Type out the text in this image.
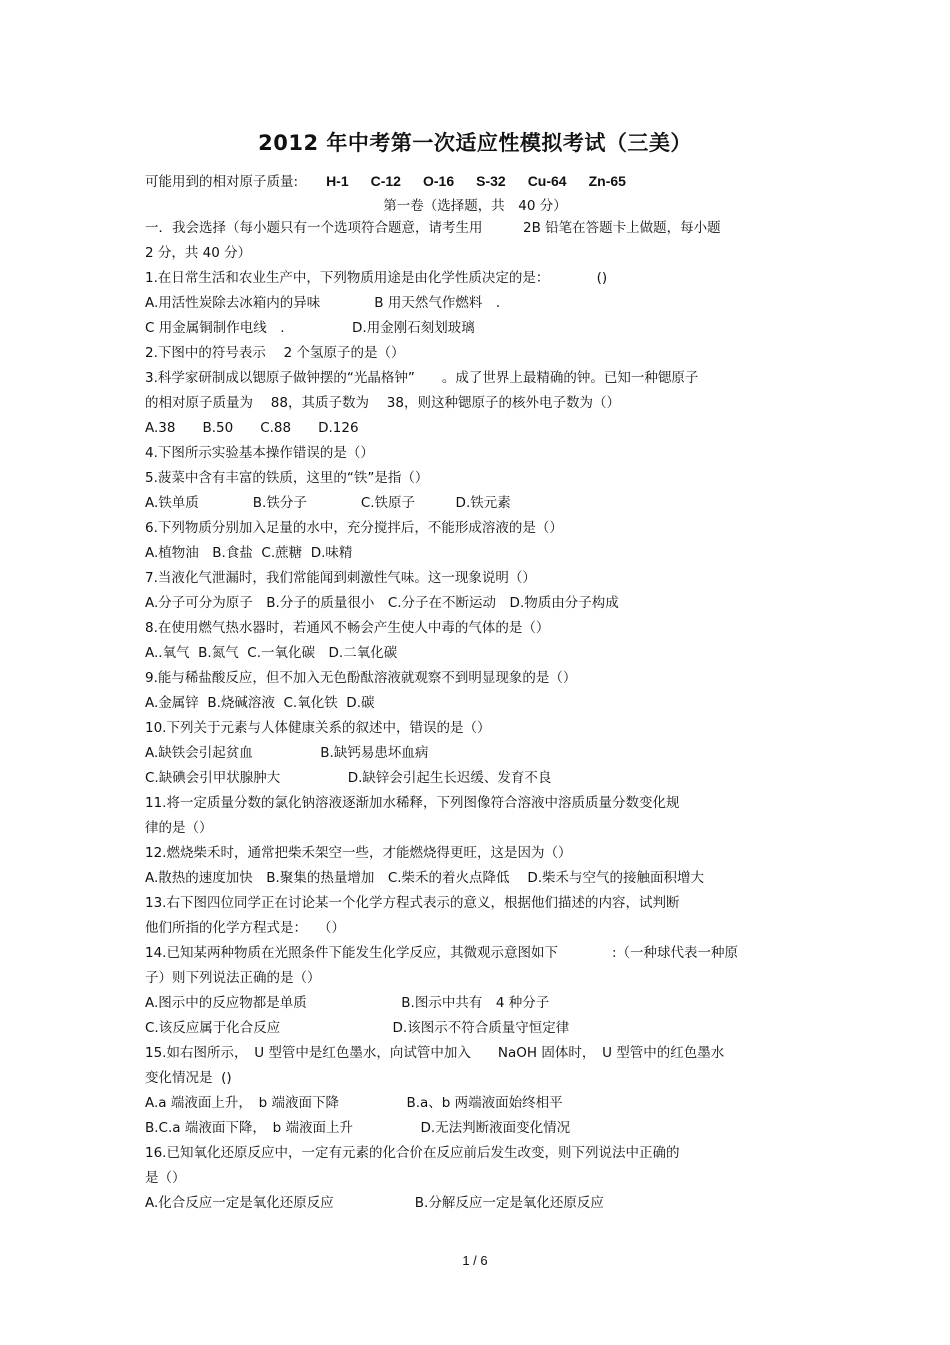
2012 年中考第一次适应性模拟考试（三美）
可能用到的相对原子质量: H-1 C-12 O-16 S-32 Cu-64 Zn-65
第一卷（选择题，共　40 分）
一．我会选择（每小题只有一个选项符合题意，请考生用　　　2B 铅笔在答题卡上做题，每小题
2 分，共 40 分）
1.在日常生活和农业生产中，下列物质用途是由化学性质决定的是：　　　　()
A.用活性炭除去冰箱内的异味　　　　B 用天然气作燃料　.
C 用金属铜制作电线　.　　　　　D.用金刚石刻划玻璃
2.下图中的符号表示　 2 个氢原子的是（）
3.科学家研制成以锶原子做钟摆的“光晶格钟”　　。成了世界上最精确的钟。已知一种锶原子
的相对原子质量为　 88，其质子数为　 38，则这种锶原子的核外电子数为（）
A.38　　B.50　　C.88　　D.126
4.下图所示实验基本操作错误的是（）
5.菠菜中含有丰富的铁质，这里的“铁”是指（）
A.铁单质　　　　B.铁分子　　　　C.铁原子　　　D.铁元素
6.下列物质分别加入足量的水中，充分搅拌后，不能形成溶液的是（）
A.植物油　B.食盐  C.蔗糖  D.味精
7.当液化气泄漏时，我们常能闻到刺激性气味。这一现象说明（）
A.分子可分为原子　B.分子的质量很小　C.分子在不断运动　D.物质由分子构成
8.在使用燃气热水器时，若通风不畅会产生使人中毒的气体的是（）
A..氧气  B.氮气  C.一氧化碳　D.二氧化碳
9.能与稀盐酸反应，但不加入无色酚酞溶液就观察不到明显现象的是（）
A.金属锌  B.烧碱溶液  C.氧化铁  D.碳
10.下列关于元素与人体健康关系的叙述中，错误的是（）
A.缺铁会引起贫血　　　　　B.缺钙易患坏血病
C.缺碘会引甲状腺肿大　　　　　D.缺锌会引起生长迟缓、发育不良
11.将一定质量分数的氯化钠溶液逐渐加水稀释，下列图像符合溶液中溶质质量分数变化规
律的是（）
12.燃烧柴禾时，通常把柴禾架空一些，才能燃烧得更旺，这是因为（）
A.散热的速度加快　B.聚集的热量增加　C.柴禾的着火点降低　 D.柴禾与空气的接触面积增大
13.右下图四位同学正在讨论某一个化学方程式表示的意义，根据他们描述的内容，试判断
他们所指的化学方程式是：　 （）
14.已知某两种物质在光照条件下能发生化学反应，其微观示意图如下　　　　:（一种球代表一种原
子）则下列说法正确的是（）
A.图示中的反应物都是单质　　　　　　　B.图示中共有　4 种分子
C.该反应属于化合反应　　　　　　　　 D.该图示不符合质量守恒定律
15.如右图所示，　U 型管中是红色墨水，向试管中加入　　NaOH 固体时，　U 型管中的红色墨水
变化情况是  ()
A.a 端液面上升，　b 端液面下降　　　　　B.a、b 两端液面始终相平
B.C.a 端液面下降，　b 端液面上升　　　　　D.无法判断液面变化情况
16.已知氧化还原反应中，一定有元素的化合价在反应前后发生改变，则下列说法中正确的
是（）
A.化合反应一定是氧化还原反应　　　　　　B.分解反应一定是氧化还原反应
1 / 6
